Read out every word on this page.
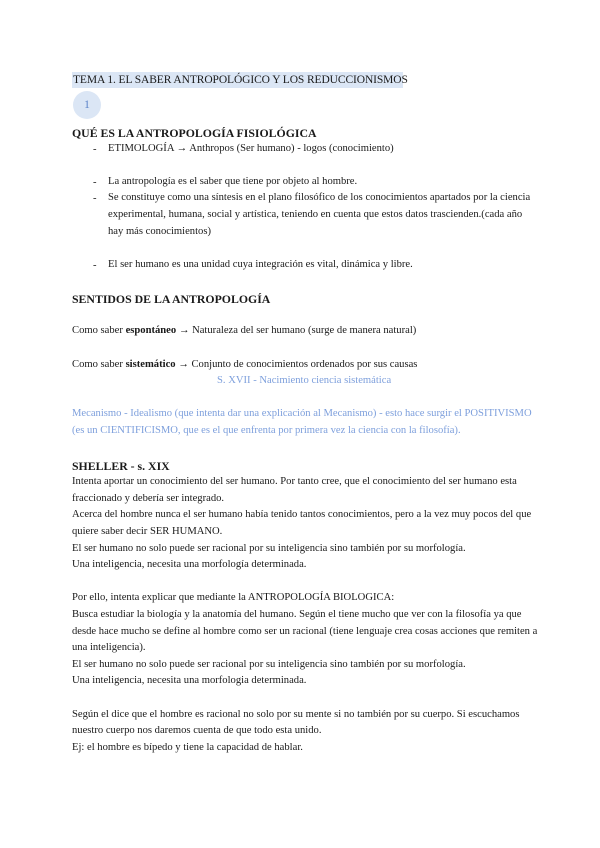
TEMA 1. EL SABER ANTROPOLÓGICO Y LOS REDUCCIONISMOS
1
QUÉ ES LA ANTROPOLOGÍA FISIOLÓGICA
- ETIMOLOGÍA → Anthropos (Ser humano) - logos (conocimiento)
- La antropología es el saber que tiene por objeto al hombre.
- Se constituye como una síntesis en el plano filosófico de los conocimientos apartados por la ciencia
experimental, humana, social y artística, teniendo en cuenta que estos datos trascienden.(cada año
hay más conocimientos)
- El ser humano es una unidad cuya integración es vital, dinámica y libre.
SENTIDOS DE LA ANTROPOLOGÍA
Como saber espontáneo → Naturaleza del ser humano (surge de manera natural)
Como saber sistemático → Conjunto de conocimientos ordenados por sus causas
S. XVII - Nacimiento ciencia sistemática
Mecanismo - Idealismo (que intenta dar una explicación al Mecanismo) - esto hace surgir el POSITIVISMO
(es un CIENTIFICISMO, que es el que enfrenta por primera vez la ciencia con la filosofía).
SHELLER - s. XIX
Intenta aportar un conocimiento del ser humano. Por tanto cree, que el conocimiento del ser humano esta
fraccionado y debería ser integrado.
Acerca del hombre nunca el ser humano había tenido tantos conocimientos, pero a la vez muy pocos del que
quiere saber decir SER HUMANO.
El ser humano no solo puede ser racional por su inteligencia sino también por su morfología.
Una inteligencia, necesita una morfología determinada.
Por ello, intenta explicar que mediante la ANTROPOLOGÍA BIOLOGICA:
Busca estudiar la biología y la anatomía del humano. Según el tiene mucho que ver con la filosofía ya que
desde hace mucho se define al hombre como ser un racional (tiene lenguaje crea cosas acciones que remiten a
una inteligencia).
El ser humano no solo puede ser racional por su inteligencia sino también por su morfología.
Una inteligencia, necesita una morfologia determinada.
Según el dice que el hombre es racional no solo por su mente si no también por su cuerpo. Si escuchamos
nuestro cuerpo nos daremos cuenta de que todo esta unido.
Ej: el hombre es bípedo y tiene la capacidad de hablar.
